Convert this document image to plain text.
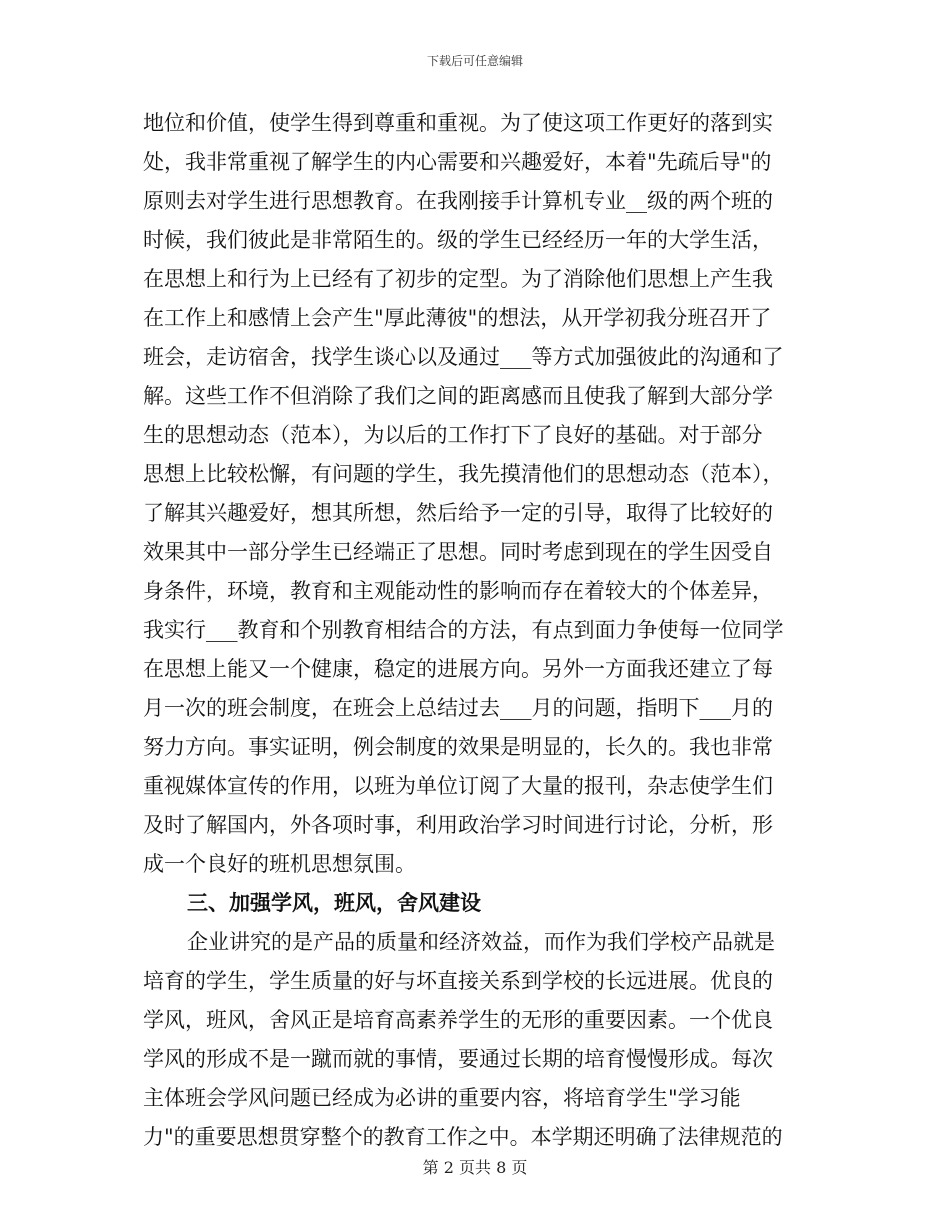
下载后可任意编辑
地位和价值，使学生得到尊重和重视。为了使这项工作更好的落到实
处，我非常重视了解学生的内心需要和兴趣爱好，本着"先疏后导"的
原则去对学生进行思想教育。在我刚接手计算机专业__级的两个班的
时候，我们彼此是非常陌生的。级的学生已经经历一年的大学生活，
在思想上和行为上已经有了初步的定型。为了消除他们思想上产生我
在工作上和感情上会产生"厚此薄彼"的想法，从开学初我分班召开了
班会，走访宿舍，找学生谈心以及通过___等方式加强彼此的沟通和了
解。这些工作不但消除了我们之间的距离感而且使我了解到大部分学
生的思想动态（范本），为以后的工作打下了良好的基础。对于部分
思想上比较松懈，有问题的学生，我先摸清他们的思想动态（范本），
了解其兴趣爱好，想其所想，然后给予一定的引导，取得了比较好的
效果其中一部分学生已经端正了思想。同时考虑到现在的学生因受自
身条件，环境，教育和主观能动性的影响而存在着较大的个体差异，
我实行___教育和个别教育相结合的方法，有点到面力争使每一位同学
在思想上能又一个健康，稳定的进展方向。另外一方面我还建立了每
月一次的班会制度，在班会上总结过去___月的问题，指明下___月的
努力方向。事实证明，例会制度的效果是明显的，长久的。我也非常
重视媒体宣传的作用，以班为单位订阅了大量的报刊，杂志使学生们
及时了解国内，外各项时事，利用政治学习时间进行讨论，分析，形
成一个良好的班机思想氛围。
三、加强学风，班风，舍风建设
企业讲究的是产品的质量和经济效益，而作为我们学校产品就是
培育的学生，学生质量的好与坏直接关系到学校的长远进展。优良的
学风，班风，舍风正是培育高素养学生的无形的重要因素。一个优良
学风的形成不是一蹴而就的事情，要通过长期的培育慢慢形成。每次
主体班会学风问题已经成为必讲的重要内容，将培育学生"学习能
力"的重要思想贯穿整个的教育工作之中。本学期还明确了法律规范的
第 2 页共 8 页
